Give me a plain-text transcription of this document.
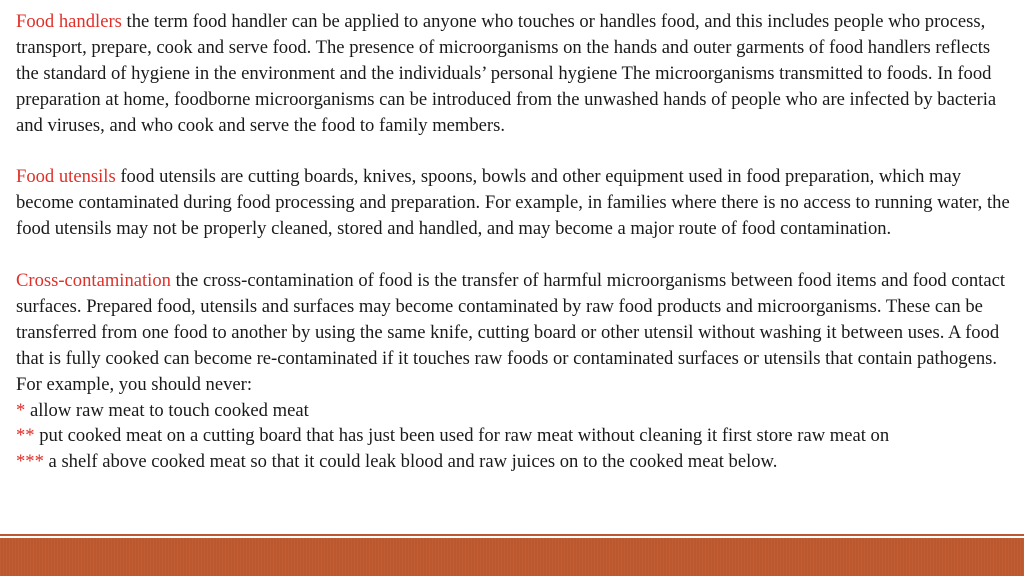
Food handlers the term food handler can be applied to anyone who touches or handles food, and this includes people who process, transport, prepare, cook and serve food. The presence of microorganisms on the hands and outer garments of food handlers reflects the standard of hygiene in the environment and the individuals’ personal hygiene The microorganisms transmitted to foods. In food preparation at home, foodborne microorganisms can be introduced from the unwashed hands of people who are infected by bacteria and viruses, and who cook and serve the food to family members.

Food utensils food utensils are cutting boards, knives, spoons, bowls and other equipment used in food preparation, which may become contaminated during food processing and preparation. For example, in families where there is no access to running water, the food utensils may not be properly cleaned, stored and handled, and may become a major route of food contamination.

Cross-contamination the cross-contamination of food is the transfer of harmful microorganisms between food items and food contact surfaces. Prepared food, utensils and surfaces may become contaminated by raw food products and microorganisms. These can be transferred from one food to another by using the same knife, cutting board or other utensil without washing it between uses. A food that is fully cooked can become re-contaminated if it touches raw foods or contaminated surfaces or utensils that contain pathogens. For example, you should never:
* allow raw meat to touch cooked meat
** put cooked meat on a cutting board that has just been used for raw meat without cleaning it first store raw meat on
*** a shelf above cooked meat so that it could leak blood and raw juices on to the cooked meat below.
